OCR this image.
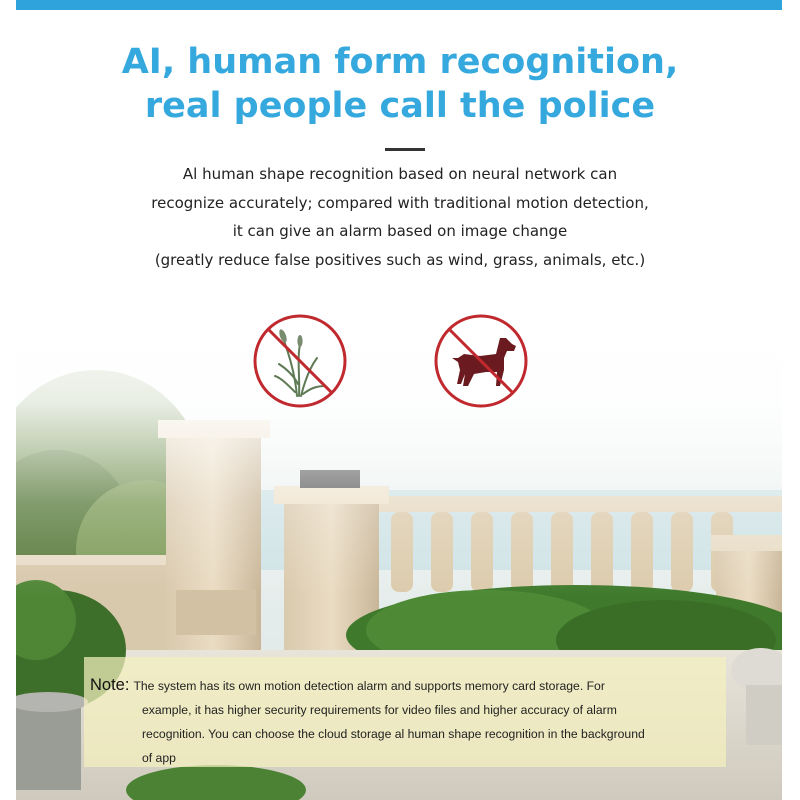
AI, human form recognition,
real people call the police
Al human shape recognition based on neural network can
recognize accurately; compared with traditional motion detection,
it can give an alarm based on image change
(greatly reduce false positives such as wind, grass, animals, etc.)
Note: The system has its own motion detection alarm and supports memory card storage. For
example, it has higher security requirements for video files and higher accuracy of alarm
recognition. You can choose the cloud storage al human shape recognition in the background
of app
